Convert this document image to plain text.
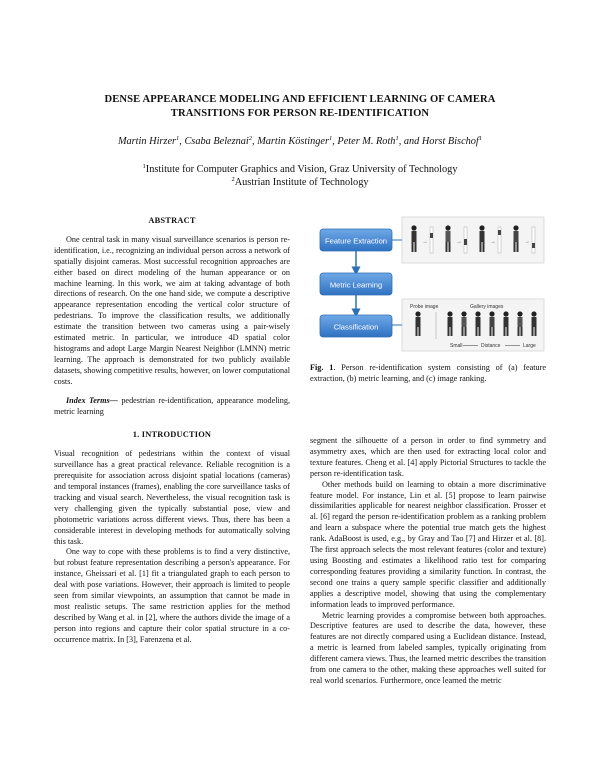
DENSE APPEARANCE MODELING AND EFFICIENT LEARNING OF CAMERA
TRANSITIONS FOR PERSON RE-IDENTIFICATION
Martin Hirzer$^1$, Csaba Beleznai$^2$, Martin Köstinger$^1$, Peter M. Roth$^1$, and Horst Bischof$^1$
$^1$Institute for Computer Graphics and Vision, Graz University of Technology
$^2$Austrian Institute of Technology
ABSTRACT

One central task in many visual surveillance scenarios is person re-identification, i.e., recognizing an individual person across a network of spatially disjoint cameras. Most successful recognition approaches are either based on direct modeling of the human appearance or on machine learning. In this work, we aim at taking advantage of both directions of research. On the one hand side, we compute a descriptive appearance representation encoding the vertical color structure of pedestrians. To improve the classification results, we additionally estimate the transition between two cameras using a pair-wisely estimated metric. In particular, we introduce 4D spatial color histograms and adopt Large Margin Nearest Neighbor (LMNN) metric learning. The approach is demonstrated for two publicly available datasets, showing competitive results, however, on lower computational costs.

Index Terms— pedestrian re-identification, appearance modeling, metric learning

1. INTRODUCTION

Visual recognition of pedestrians within the context of visual surveillance has a great practical relevance. Reliable recognition is a prerequisite for association across disjoint spatial locations (cameras) and temporal instances (frames), enabling the core surveillance tasks of tracking and visual search. Nevertheless, the visual recognition task is very challenging given the typically substantial pose, view and photometric variations across different views. Thus, there has been a considerable interest in developing methods for automatically solving this task.

One way to cope with these problems is to find a very distinctive, but robust feature representation describing a person's appearance. For instance, Gheissari et al. [1] fit a triangulated graph to each person to deal with pose variations. However, their approach is limited to people seen from similar viewpoints, an assumption that cannot be made in most realistic setups. The same restriction applies for the method described by Wang et al. in [2], where the authors divide the image of a person into regions and capture their color spatial structure in a co-occurrence matrix. In [3], Farenzena et al.

Feature Extraction
Metric Learning
Classification
→	→	→	→
Probe image	Gallery images
Small	Distance	Large
Fig. 1. Person re-identification system consisting of (a) feature extraction, (b) metric learning, and (c) image ranking.

segment the silhouette of a person in order to find symmetry and asymmetry axes, which are then used for extracting local color and texture features. Cheng et al. [4] apply Pictorial Structures to tackle the person re-identification task.

Other methods build on learning to obtain a more discriminative feature model. For instance, Lin et al. [5] propose to learn pairwise dissimilarities applicable for nearest neighbor classification. Prosser et al. [6] regard the person re-identification problem as a ranking problem and learn a subspace where the potential true match gets the highest rank. AdaBoost is used, e.g., by Gray and Tao [7] and Hirzer et al. [8]. The first approach selects the most relevant features (color and texture) using Boosting and estimates a likelihood ratio test for comparing corresponding features providing a similarity function. In contrast, the second one trains a query sample specific classifier and additionally applies a descriptive model, showing that using the complementary information leads to improved performance.

Metric learning provides a compromise between both approaches. Descriptive features are used to describe the data, however, these features are not directly compared using a Euclidean distance. Instead, a metric is learned from labeled samples, typically originating from different camera views. Thus, the learned metric describes the transition from one camera to the other, making these approaches well suited for real world scenarios. Furthermore, once learned the metric
